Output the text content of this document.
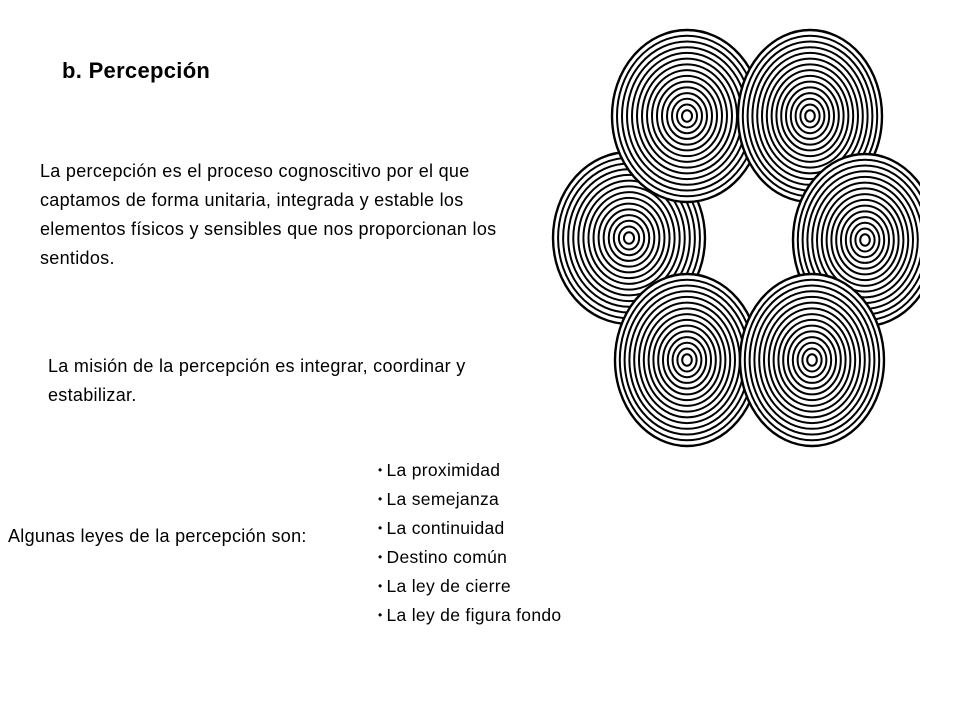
b. Percepción
La percepción es el proceso cognoscitivo por el que captamos de forma unitaria, integrada y estable los elementos físicos y sensibles que nos proporcionan los sentidos.
La misión de la percepción es integrar, coordinar y estabilizar.
Algunas leyes de la percepción son:
• La proximidad
• La semejanza
• La continuidad
• Destino común
• La ley de cierre
• La ley de figura fondo
